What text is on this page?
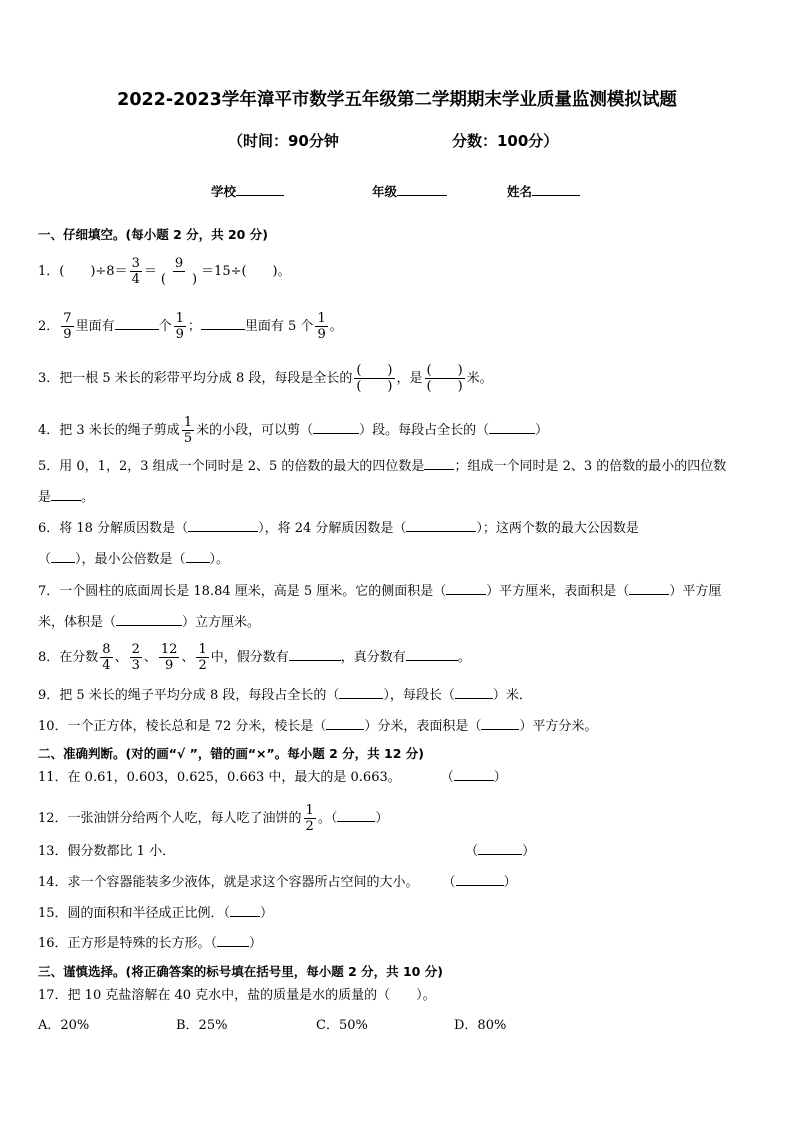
2022-2023学年漳平市数学五年级第二学期期末学业质量监测模拟试题
（时间：90分钟	分数：100分）
学校	年级	姓名
一、仔细填空。(每小题 2 分，共 20 分)
1．(　　)$\div 8= \frac{3}{4} = \frac{9}{( )} =15\div$(　　)。
2． $\frac{7}{9}$ 里面有	个 $\frac{1}{9}$ ；	里面有 5 个 $\frac{1}{9}$ 。
3．把一根 5 米长的彩带平均分成 8 段，每段是全长的 $\frac{( )}{( )}$ ，是 $\frac{( )}{( )}$ 米。
4．把 3 米长的绳子剪成 $\frac{1}{5}$ 米的小段，可以剪（	）段。每段占全长的（	）
5．用 0，1，2，3 组成一个同时是 2、5 的倍数的最大的四位数是 ；组成一个同时是 2、3 的倍数的最小的四位数
是 。
6．将 18 分解质因数是（	），将 24 分解质因数是（	）；这两个数的最大公因数是
（ ），最小公倍数是（ ）。
7．一个圆柱的底面周长是 18.84 厘米，高是 5 厘米。它的侧面积是（	）平方厘米，表面积是（	）平方厘
米，体积是（	）立方厘米。
8．在分数 $\frac{8}{4}$ 、 $\frac{2}{3}$ 、 $\frac{12}{9}$ 、 $\frac{1}{2}$ 中，假分数有	，真分数有	。
9．把 5 米长的绳子平均分成 8 段，每段占全长的（	），每段长（	）米．
10．一个正方体，棱长总和是 72 分米，棱长是（	）分米，表面积是（	）平方分米。
二、准确判断。(对的画“√ ”，错的画“×”。每小题 2 分，共 12 分)
11．在 0.61，0.603，0.625，0.663 中，最大的是 0.663。	（	）
12．一张油饼分给两个人吃，每人吃了油饼的 $\frac{1}{2}$ 。（	）
13．假分数都比 1 小．	（	）
14．求一个容器能装多少液体，就是求这个容器所占空间的大小。 （	）
15．圆的面积和半径成正比例．（ ）
16．正方形是特殊的长方形。（ ）
三、谨慎选择。(将正确答案的标号填在括号里，每小题 2 分，共 10 分)
17．把 10 克盐溶解在 40 克水中，盐的质量是水的质量的（　　）。
A．20%	B．25%	C．50%	D．80%
